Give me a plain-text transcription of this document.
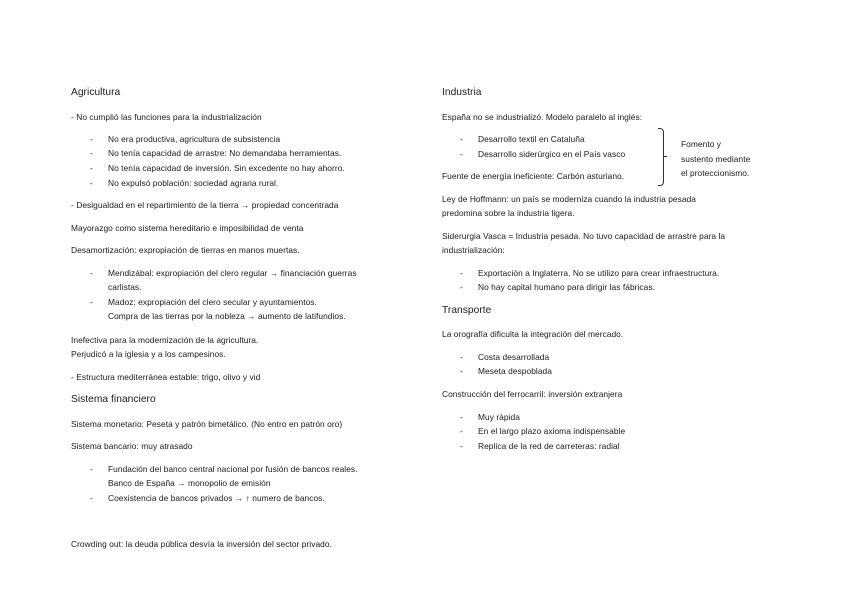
Agricultura
- No cumplió las funciones para la industrialización
- No era productiva, agricultura de subsistencia
- No tenía capacidad de arrastre: No demandaba herramientas.
- No tenía capacidad de inversión. Sin excedente no hay ahorro.
- No expulsó población: sociedad agraria rural.
- Desigualdad en el repartimiento de la tierra → propiedad concentrada
Mayorazgo como sistema hereditario e imposibilidad de venta
Desamortización: expropiación de tierras en manos muertas.
- Mendizábal: expropiación del clero regular → financiación guerras
carlistas.
- Madoz: expropiación del clero secular y ayuntamientos.
Compra de las tierras por la nobleza → aumento de latifundios.
Inefectiva para la modernización de la agricultura.
Perjudicó a la iglesia y a los campesinos.
- Estructura mediterránea estable: trigo, olivo y vid
Sistema financiero
Sistema monetario: Peseta y patrón bimetálico. (No entro en patrón oro)
Sistema bancario: muy atrasado
- Fundación del banco central nacional por fusión de bancos reales.
Banco de España → monopolio de emisión
- Coexistencia de bancos privados → ↑ numero de bancos.
Crowding out: la deuda pública desvía la inversión del sector privado.
Industria
España no se industrializó. Modelo paralelo al inglés:
- Desarrollo textil en Cataluña
- Desarrollo siderúrgico en el País vasco
Fomento y
sustento mediante
el proteccionismo.
Fuente de energía ineficiente: Carbón asturiano.
Ley de Hoffmann: un país se moderniza cuando la industria pesada
predomina sobre la industria ligera.
Siderurgia Vasca = Industria pesada. No tuvo capacidad de arrastre para la
industrialización:
- Exportación a Inglaterra. No se utilizo para crear infraestructura.
- No hay capital humano para dirigir las fábricas.
Transporte
La orografía dificulta la integración del mercado.
- Costa desarrollada
- Meseta despoblada
Construcción del ferrocarril: inversión extranjera
- Muy rápida
- En el largo plazo axioma indispensable
- Replica de la red de carreteras: radial
